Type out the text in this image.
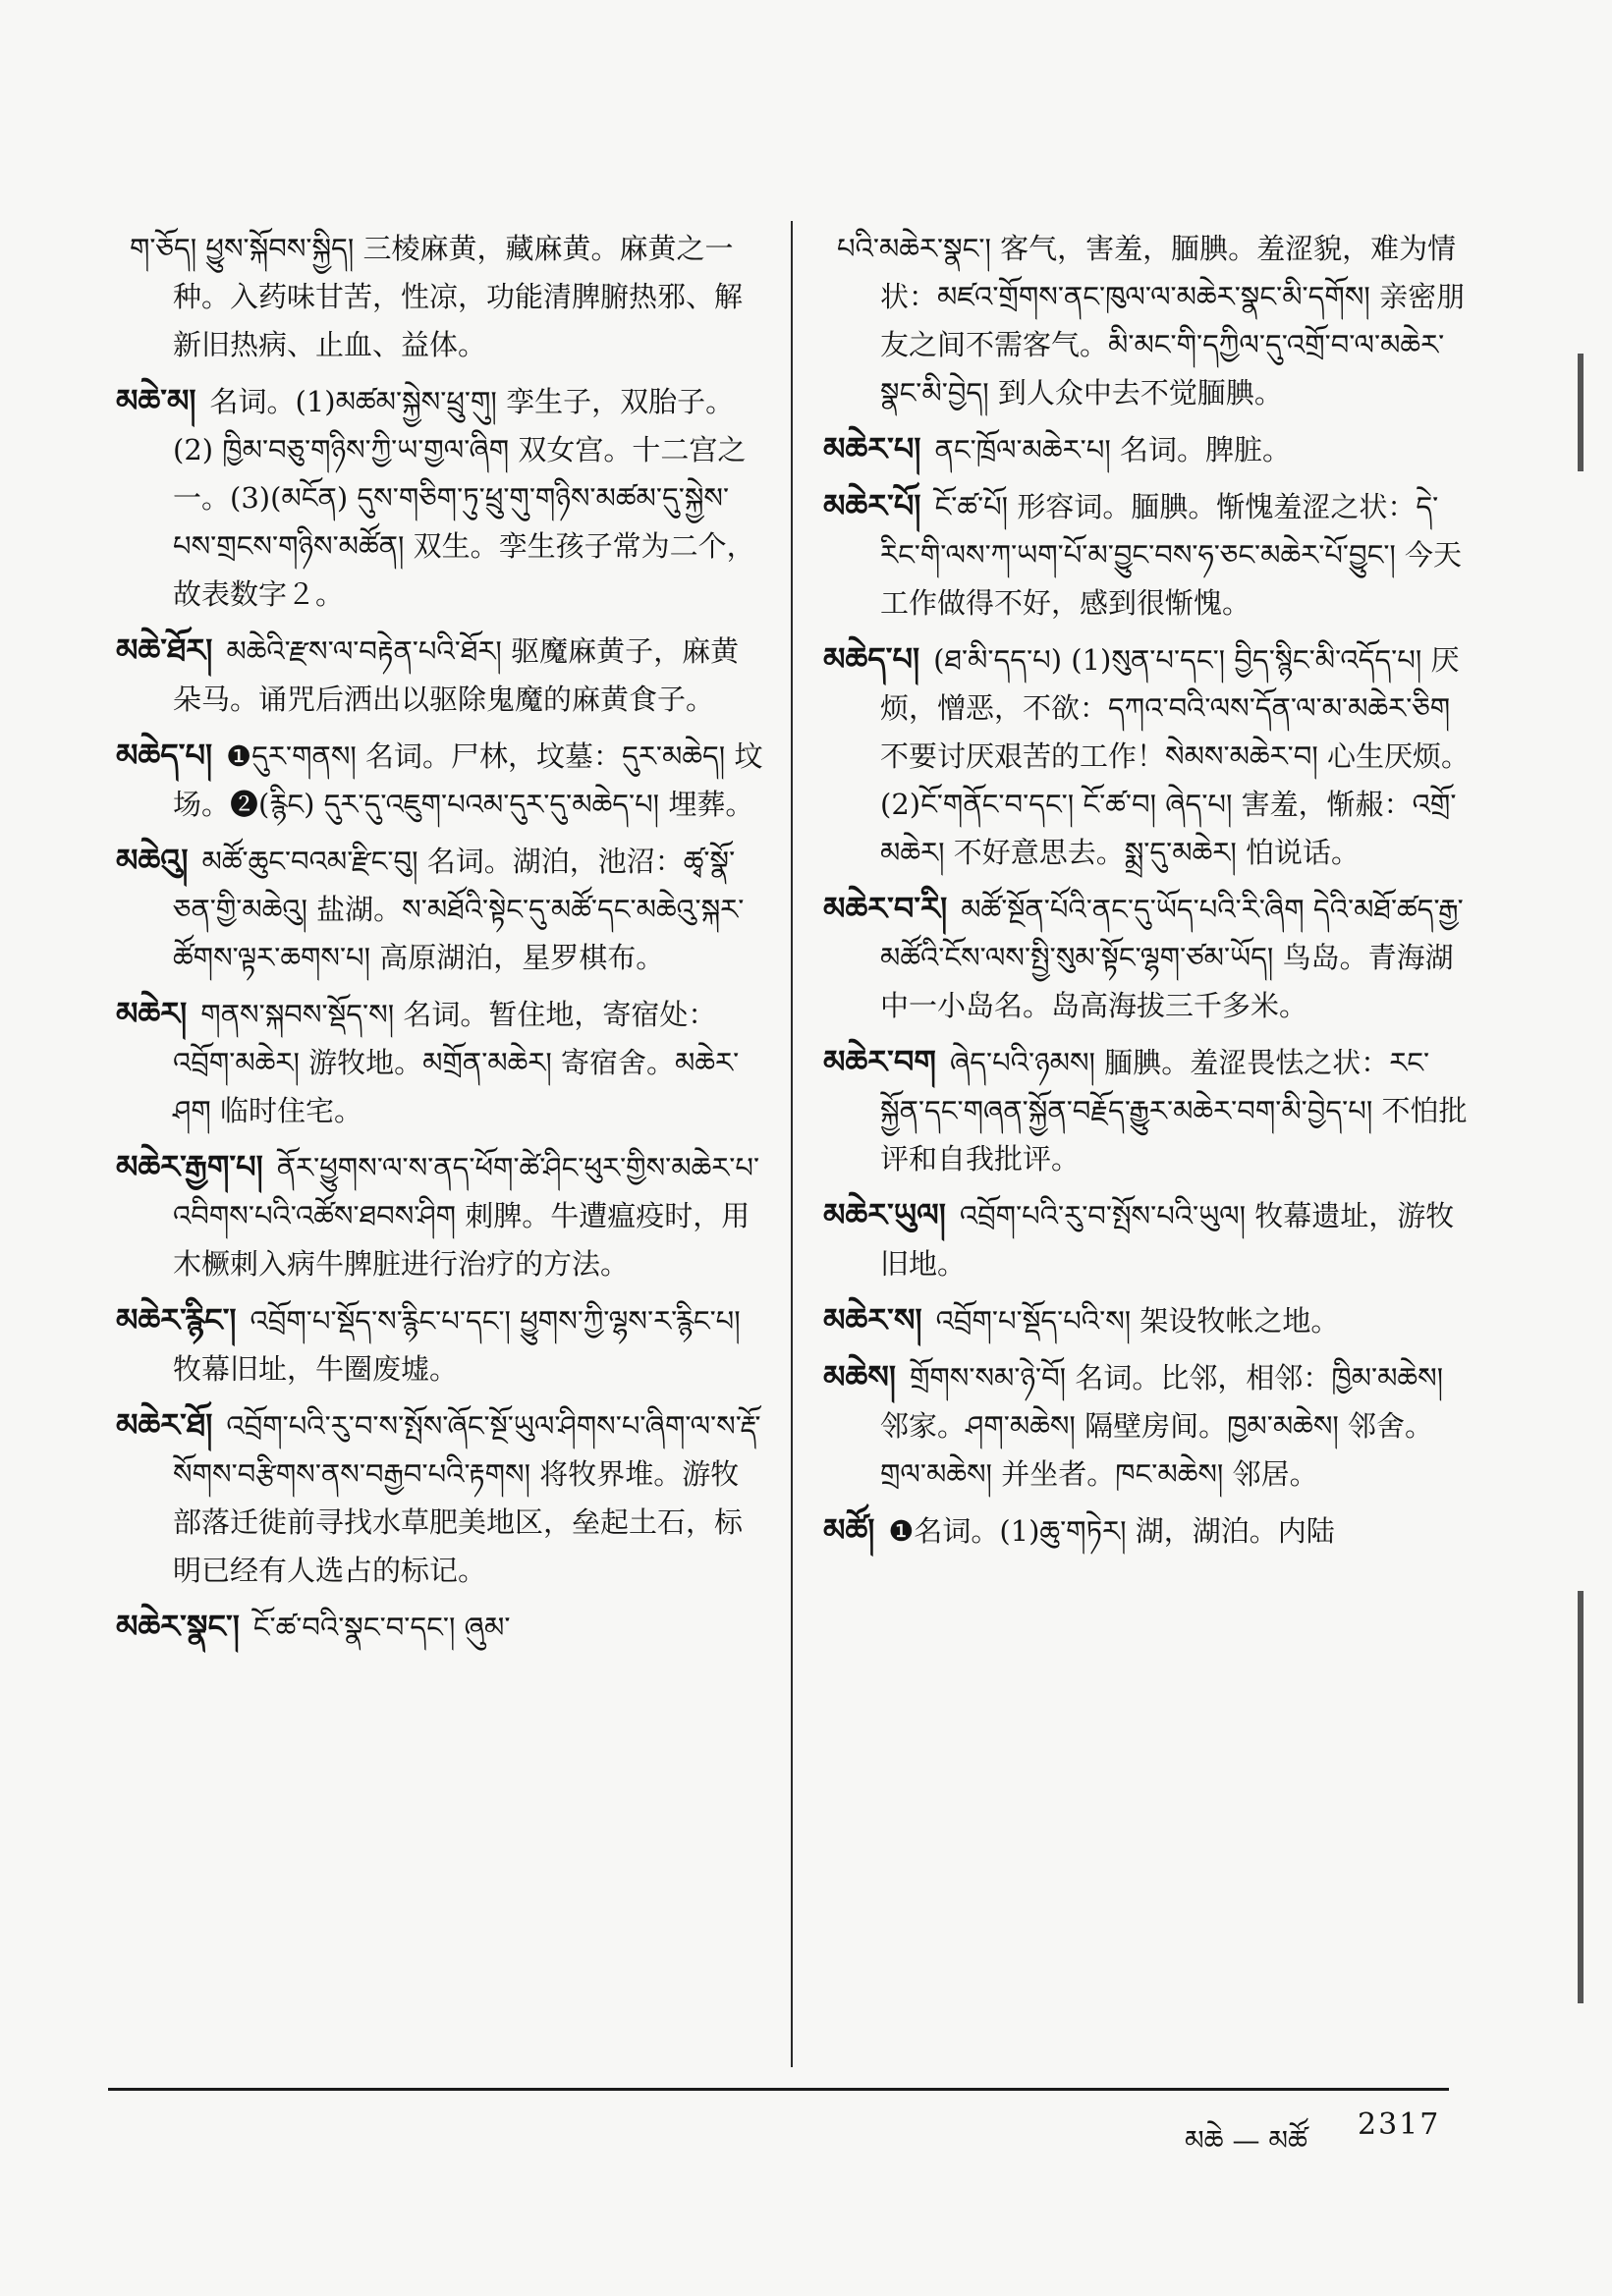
ག་ཅོད། ཕྱུས་སྐོབས་སྐྱིད། 三棱麻黄，藏麻黄。麻黄之一种。入药味甘苦，性凉，功能清脾腑热邪、解新旧热病、止血、益体。
མཆེ་མ། 名词。(1)མཚམ་སྐྱེས་ཕྲུ་གུ། 孪生子，双胎子。(2) ཁྱིམ་བཅུ་གཉིས་ཀྱི་ཡ་གྱལ་ཞིག 双女宫。十二宫之一。(3)(མངོན) དུས་གཅིག་ཏུ་ཕྲུ་གུ་གཉིས་མཚམ་དུ་སྐྱེས་པས་གྲངས་གཉིས་མཚོན། 双生。孪生孩子常为二个，故表数字２。
མཆེ་ཐོར། མཆེའི་རྫས་ལ་བརྟེན་པའི་ཐོར། 驱魔麻黄子，麻黄朵马。诵咒后洒出以驱除鬼魔的麻黄食子。
མཆེད་པ། ❶དུར་གནས། 名词。尸林，坟墓：དུར་མཆེད། 坟场。❷(རྙིང) དུར་དུ་འཇུག་པའམ་དུར་དུ་མཆེད་པ། 埋葬。
མཆེའུ། མཚོ་ཆུང་བའམ་རྫིང་བུ། 名词。湖泊，池沼：ཚྭ་སྣོ་ཅན་གྱི་མཆེའུ། 盐湖。ས་མཐོའི་སྟེང་དུ་མཚོ་དང་མཆེའུ་སྐར་ཚོགས་ལྟར་ཆགས་པ། 高原湖泊，星罗棋布。
མཆེར། གནས་སྐབས་སྡོད་ས། 名词。暂住地，寄宿处：འབྲོག་མཆེར། 游牧地。མགྲོན་མཆེར། 寄宿舍。མཆེར་ཤག 临时住宅。
མཆེར་རྒྱག་པ། ནོར་ཕྱུགས་ལ་ས་ནད་ཕོག་ཚེ་ཤིང་ཕུར་གྱིས་མཆེར་པ་འབིགས་པའི་འཚོས་ཐབས་ཤིག 刺脾。牛遭瘟疫时，用木橛刺入病牛脾脏进行治疗的方法。
མཆེར་རྙིང་། འབྲོག་པ་སྡོད་ས་རྙིང་པ་དང་། ཕྱུགས་ཀྱི་ལྷས་ར་རྙིང་པ། 牧幕旧址，牛圈废墟。
མཆེར་ཐོ། འབྲོག་པའི་རུ་བ་ས་སྤོས་ཞོང་སྔོ་ཡུལ་ཤིགས་པ་ཞིག་ལ་ས་རྡོ་སོགས་བརྩིགས་ནས་བརྒྱབ་པའི་རྟགས། 将牧界堆。游牧部落迁徙前寻找水草肥美地区，垒起土石，标明已经有人选占的标记。
མཆེར་སྣང་། ངོ་ཚ་བའི་སྣང་བ་དང་། ཞུམ་
པའི་མཆེར་སྣང་། 客气，害羞，腼腆。羞涩貌，难为情状：མཛའ་གྲོགས་ནང་ཁུལ་ལ་མཆེར་སྣང་མི་དགོས། 亲密朋友之间不需客气。མི་མང་གི་དཀྱིལ་དུ་འགྲོ་བ་ལ་མཆེར་སྣང་མི་བྱེད། 到人众中去不觉腼腆。
མཆེར་པ། ནང་ཁྲོལ་མཆེར་པ། 名词。脾脏。
མཆེར་པོ། ངོ་ཚ་པོ། 形容词。腼腆。惭愧羞涩之状：དེ་རིང་གི་ལས་ཀ་ཡག་པོ་མ་བྱུང་བས་ཧ་ཅང་མཆེར་པོ་བྱུང་། 今天工作做得不好，感到很惭愧。
མཆེད་པ། (ཐ་མི་དད་པ) (1)སུན་པ་དང་། བྱིད་སྙིང་མི་འདོད་པ། 厌烦，憎恶，不欲：དཀའ་བའི་ལས་དོན་ལ་མ་མཆེར་ཅིག 不要讨厌艰苦的工作！སེམས་མཆེར་བ། 心生厌烦。(2)ངོ་གནོང་བ་དང་། ངོ་ཚ་བ། ཞེད་པ། 害羞，惭赧：འགྲོ་མཆེར། 不好意思去。སྨྲ་དུ་མཆེར། 怕说话。
མཆེར་བ་རི། མཚོ་སྔོན་པོའི་ནང་དུ་ཡོད་པའི་རི་ཞིག དེའི་མཐོ་ཚད་རྒྱ་མཚོའི་ངོས་ལས་སྤྱི་སུམ་སྟོང་ལྷག་ཙམ་ཡོད། 鸟岛。青海湖中一小岛名。岛高海拔三千多米。
མཆེར་བག ཞེད་པའི་ཉམས། 腼腆。羞涩畏怯之状：རང་སྐྱོན་དང་གཞན་སྐྱོན་བརྗོད་རྒྱུར་མཆེར་བག་མི་བྱེད་པ། 不怕批评和自我批评。
མཆེར་ཡུལ། འབྲོག་པའི་རུ་བ་སྤོས་པའི་ཡུལ། 牧幕遗址，游牧旧地。
མཆེར་ས། འབྲོག་པ་སྡོད་པའི་ས། 架设牧帐之地。
མཆེས། གྲོགས་སམ་ཉེ་བོ། 名词。比邻，相邻：ཁྱིམ་མཆེས། 邻家。ཤག་མཆེས། 隔壁房间。ཁྱམ་མཆེས། 邻舍。གྲལ་མཆེས། 并坐者。ཁང་མཆེས། 邻居。
མཚོ། ❶名词。(1)ཆུ་གཏེར། 湖，湖泊。内陆
མཆེ — མཚོ 2317
